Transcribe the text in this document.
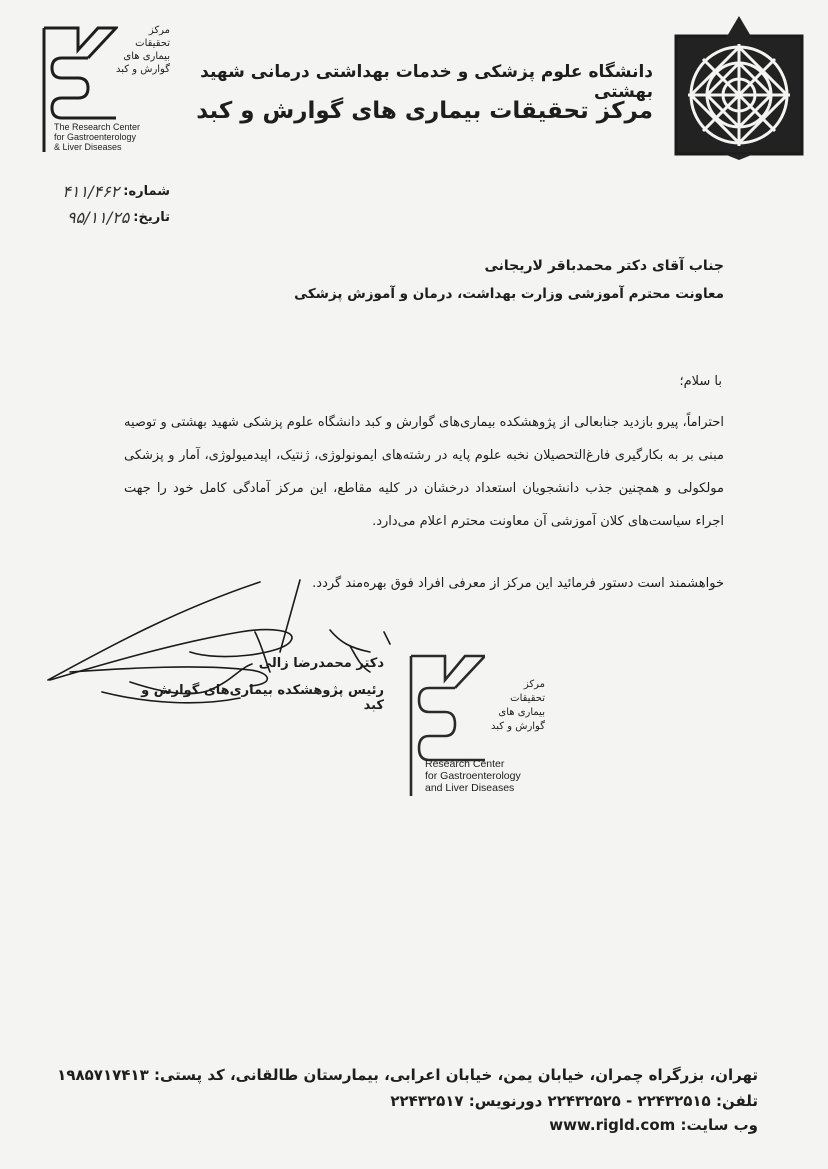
دانشگاه علوم پزشکی و خدمات بهداشتی درمانی شهید بهشتی
مرکز تحقیقات بیماری های گوارش و کبد
مرکز
تحقیقات
بیماری های
گوارش و کبد
The Research Center
for Gastroenterology
& Liver Diseases
شماره:
۴۱۱/۴۶۲
تاریخ:
۹۵/۱۱/۲۵
جناب آقای دکتر محمدباقر لاریجانی
معاونت محترم آموزشی وزارت بهداشت، درمان و آموزش پزشکی
با سلام؛
احتراماً، پیرو بازدید جنابعالی از پژوهشکده بیماری‌های گوارش و کبد دانشگاه علوم پزشکی شهید بهشتی و توصیه مبنی بر به بکارگیری فارغ‌التحصیلان نخبه علوم پایه در رشته‌های ایمونولوژی، ژنتیک، اپیدمیولوژی، آمار و پزشکی مولکولی و همچنین جذب دانشجویان استعداد درخشان در کلیه مقاطع، این مرکز آمادگی کامل خود را جهت اجراء سیاست‌های کلان آموزشی آن معاونت محترم اعلام می‌دارد.
خواهشمند است دستور فرمائید این مرکز از معرفی افراد فوق بهره‌مند گردد.
دکتر محمدرضا زالی
رئیس پژوهشکده بیماری‌های گوارش و کبد
مرکز
تحقیقات
بیماری های
گوارش و کبد
Research Center
for Gastroenterology
and Liver Diseases
تهران، بزرگراه چمران، خیابان یمن، خیابان اعرابی، بیمارستان طالقانی، کد پستی: ۱۹۸۵۷۱۷۴۱۳
تلفن: ۲۲۴۳۲۵۱۵ - ۲۲۴۳۲۵۲۵ دورنویس: ۲۲۴۳۲۵۱۷
وب سایت: www.rigld.com
